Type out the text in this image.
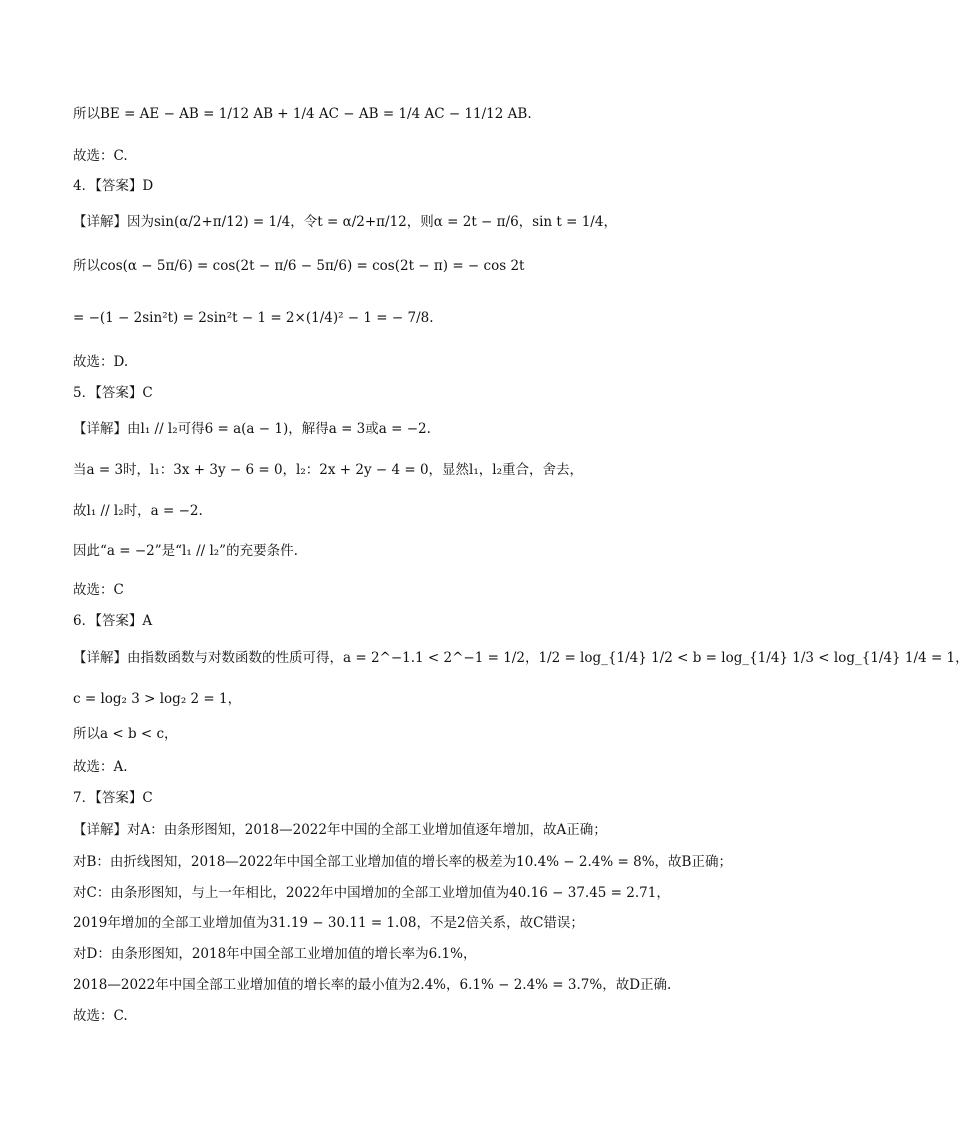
所以BE = AE − AB = 1/12 AB + 1/4 AC − AB = 1/4 AC − 11/12 AB.
故选：C.
4．【答案】D
【详解】因为sin(α/2+π/12) = 1/4，令t = α/2+π/12，则α = 2t − π/6，sin t = 1/4，
所以cos(α − 5π/6) = cos(2t − π/6 − 5π/6) = cos(2t − π) = − cos 2t
= −(1 − 2sin²t) = 2sin²t − 1 = 2×(1/4)² − 1 = − 7/8.
故选：D.
5．【答案】C
【详解】由l₁ // l₂可得6 = a(a − 1)，解得a = 3或a = −2.
当a = 3时，l₁：3x + 3y − 6 = 0，l₂：2x + 2y − 4 = 0，显然l₁，l₂重合，舍去，
故l₁ // l₂时，a = −2.
因此“a = −2”是“l₁ // l₂”的充要条件.
故选：C
6．【答案】A
【详解】由指数函数与对数函数的性质可得，a = 2^−1.1 < 2^−1 = 1/2，1/2 = log_{1/4} 1/2 < b = log_{1/4} 1/3 < log_{1/4} 1/4 = 1，
c = log₂ 3 > log₂ 2 = 1，
所以a < b < c，
故选：A.
7．【答案】C
【详解】对A：由条形图知，2018—2022年中国的全部工业增加值逐年增加，故A正确；
对B：由折线图知，2018—2022年中国全部工业增加值的增长率的极差为10.4% − 2.4% = 8%，故B正确；
对C：由条形图知，与上一年相比，2022年中国增加的全部工业增加值为40.16 − 37.45 = 2.71，
2019年增加的全部工业增加值为31.19 − 30.11 = 1.08，不是2倍关系，故C错误；
对D：由条形图知，2018年中国全部工业增加值的增长率为6.1%，
2018—2022年中国全部工业增加值的增长率的最小值为2.4%，6.1% − 2.4% = 3.7%，故D正确.
故选：C.
